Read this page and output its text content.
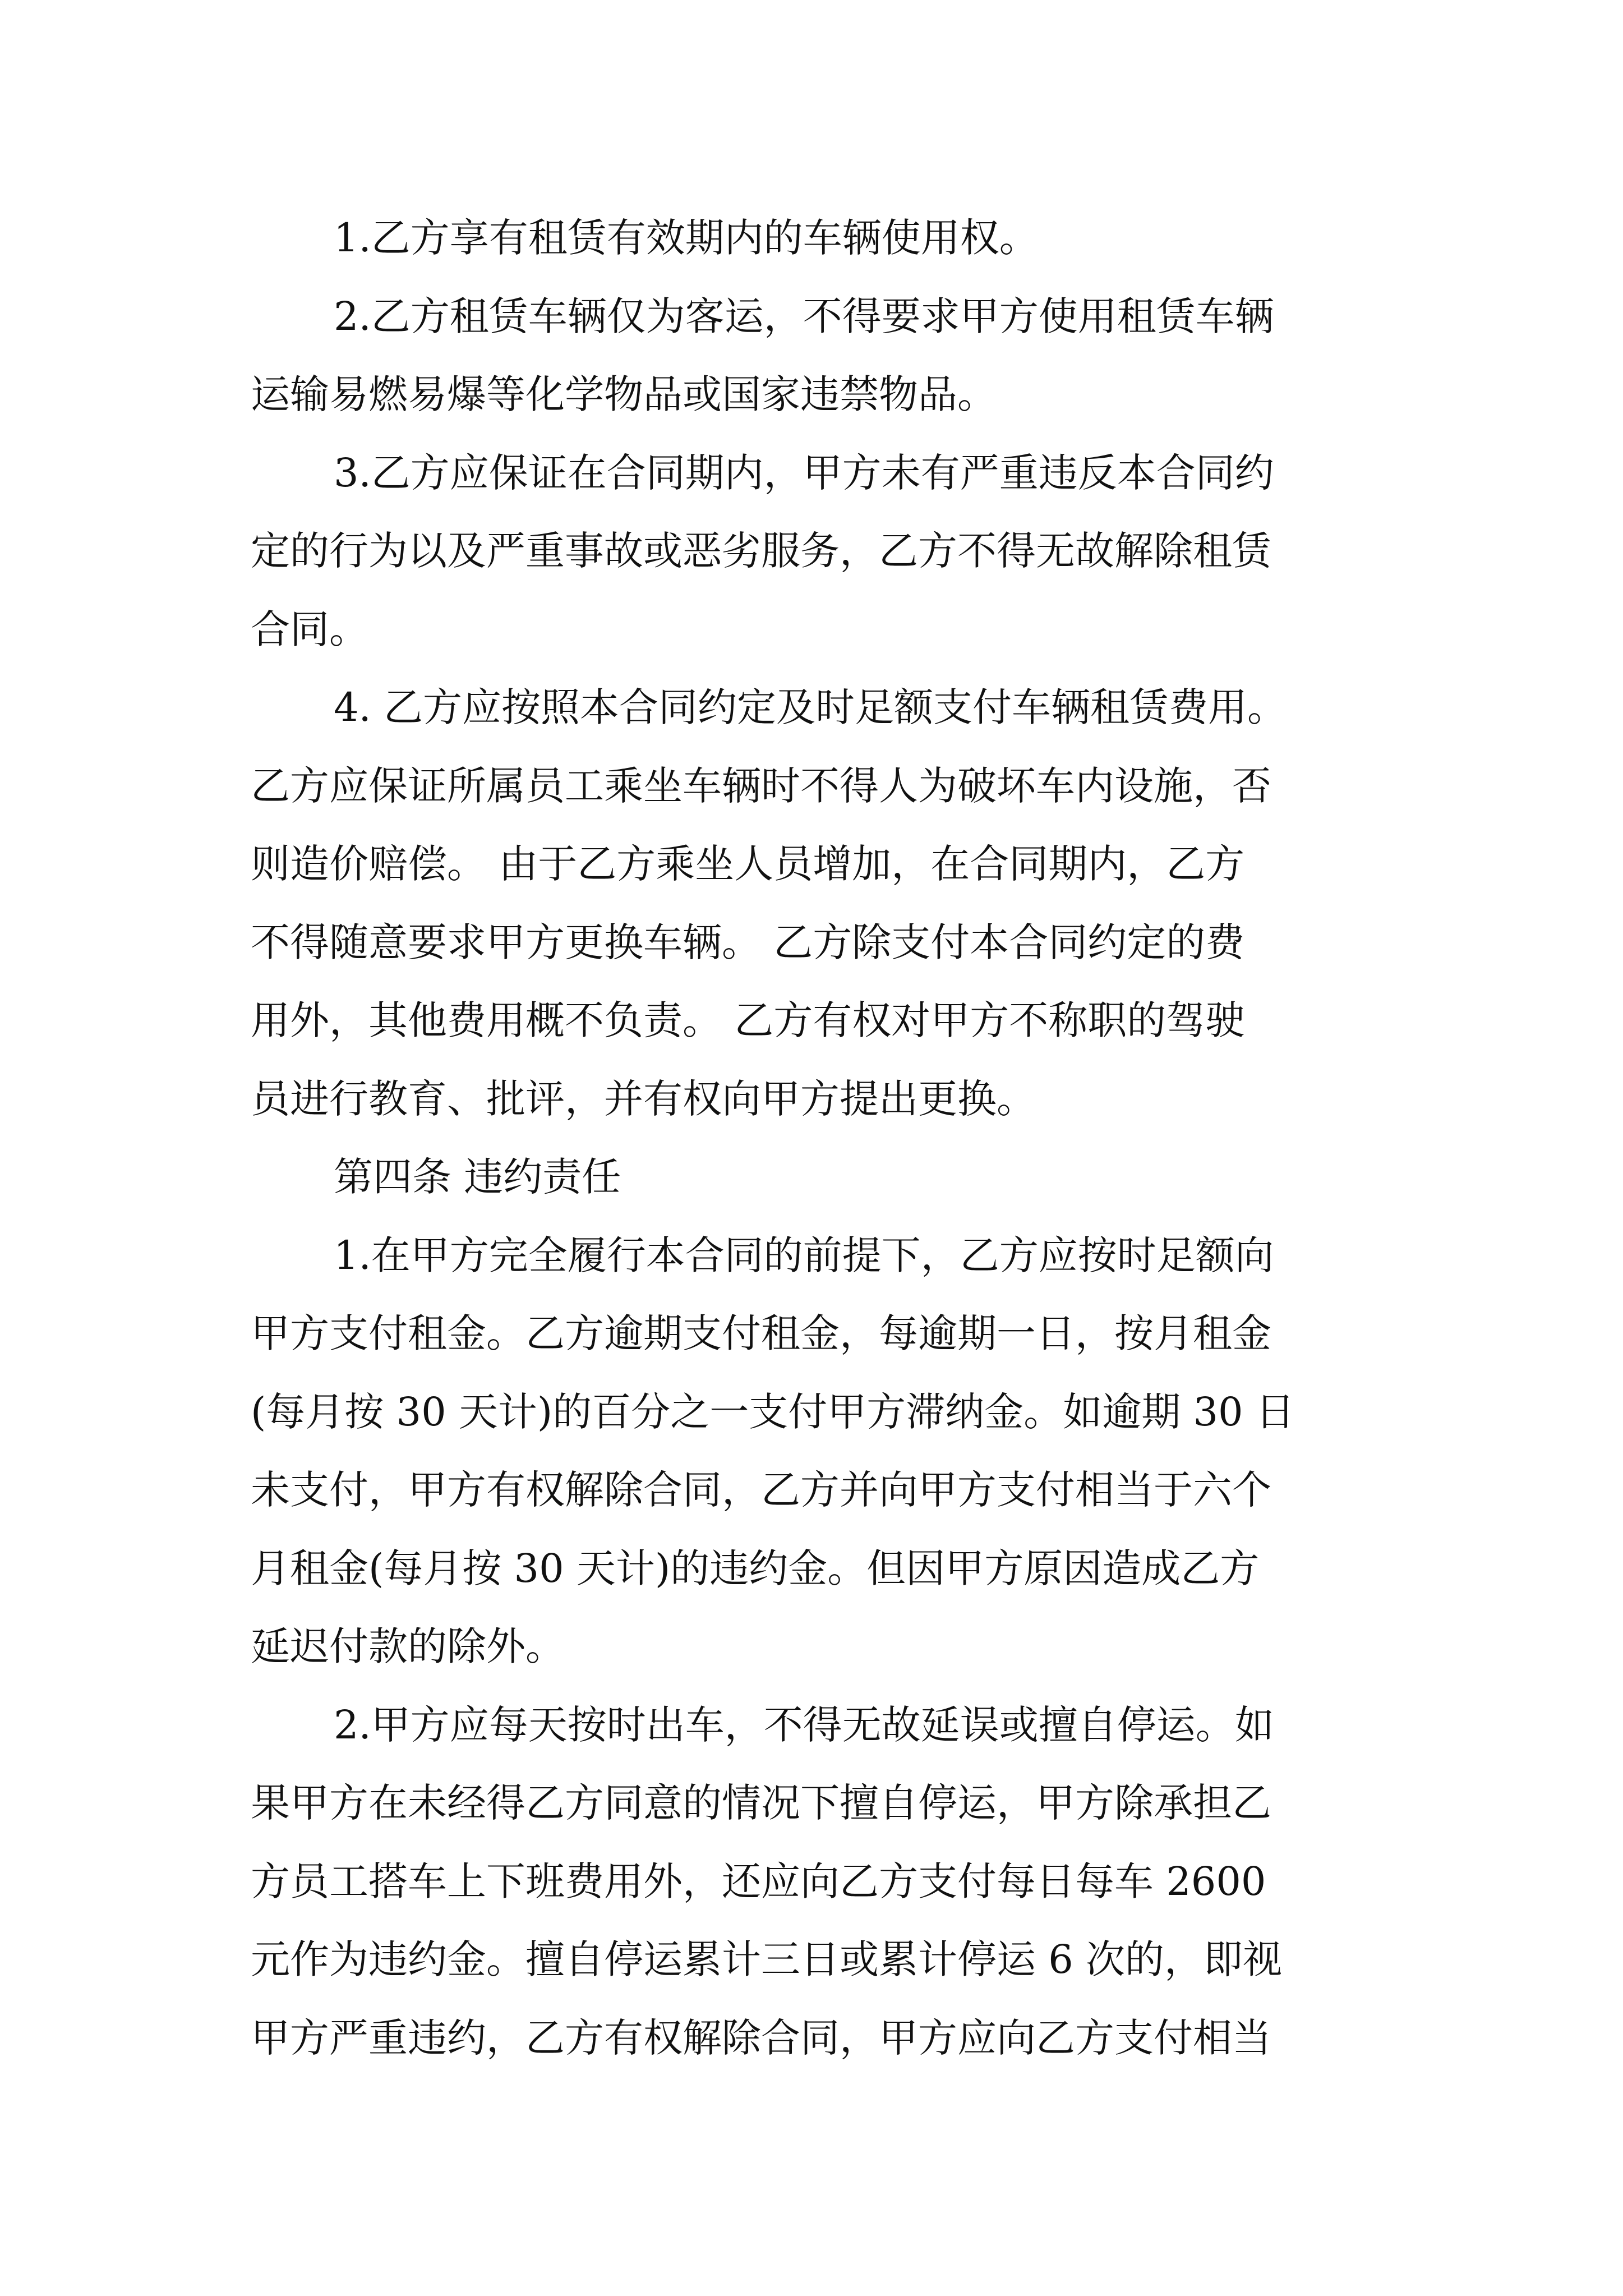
1.乙方享有租赁有效期内的车辆使用权。

2.乙方租赁车辆仅为客运，不得要求甲方使用租赁车辆
运输易燃易爆等化学物品或国家违禁物品。

3.乙方应保证在合同期内，甲方未有严重违反本合同约
定的行为以及严重事故或恶劣服务，乙方不得无故解除租赁
合同。

4. 乙方应按照本合同约定及时足额支付车辆租赁费用。
乙方应保证所属员工乘坐车辆时不得人为破坏车内设施，否
则造价赔偿。 由于乙方乘坐人员增加，在合同期内，乙方
不得随意要求甲方更换车辆。 乙方除支付本合同约定的费
用外，其他费用概不负责。 乙方有权对甲方不称职的驾驶
员进行教育、批评，并有权向甲方提出更换。

第四条 违约责任

1.在甲方完全履行本合同的前提下，乙方应按时足额向
甲方支付租金。乙方逾期支付租金，每逾期一日，按月租金
(每月按 30 天计)的百分之一支付甲方滞纳金。如逾期 30 日
未支付，甲方有权解除合同，乙方并向甲方支付相当于六个
月租金(每月按 30 天计)的违约金。但因甲方原因造成乙方
延迟付款的除外。

2.甲方应每天按时出车，不得无故延误或擅自停运。如
果甲方在未经得乙方同意的情况下擅自停运，甲方除承担乙
方员工搭车上下班费用外，还应向乙方支付每日每车 2600
元作为违约金。擅自停运累计三日或累计停运 6 次的，即视
甲方严重违约，乙方有权解除合同，甲方应向乙方支付相当
